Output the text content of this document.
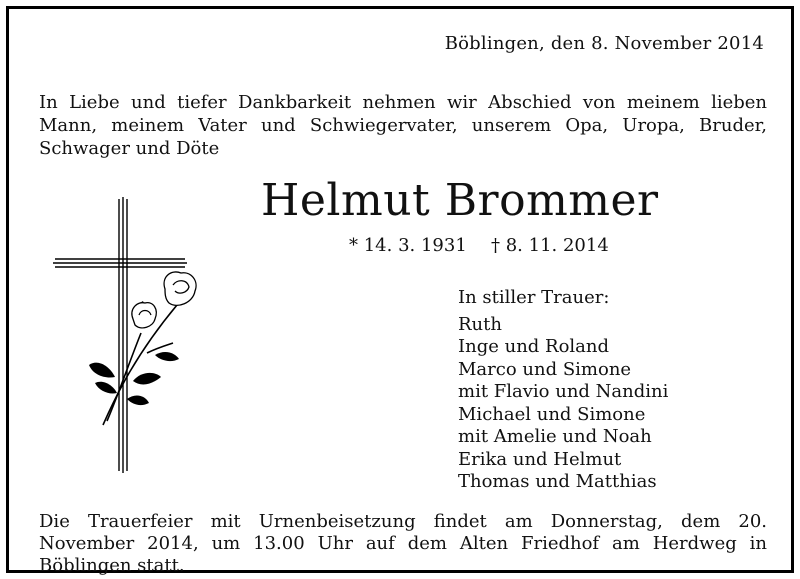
Böblingen, den 8. November 2014
In Liebe und tiefer Dankbarkeit nehmen wir Abschied von meinem lieben Mann, meinem Vater und Schwiegervater, unserem Opa, Uropa, Bruder, Schwager und Döte
Helmut Brommer
* 14. 3. 1931 † 8. 11. 2014
In stiller Trauer:
Ruth
Inge und Roland
Marco und Simone
mit Flavio und Nandini
Michael und Simone
mit Amelie und Noah
Erika und Helmut
Thomas und Matthias
Die Trauerfeier mit Urnenbeisetzung findet am Donnerstag, dem 20. November 2014, um 13.00 Uhr auf dem Alten Friedhof am Herdweg in Böblingen statt.
